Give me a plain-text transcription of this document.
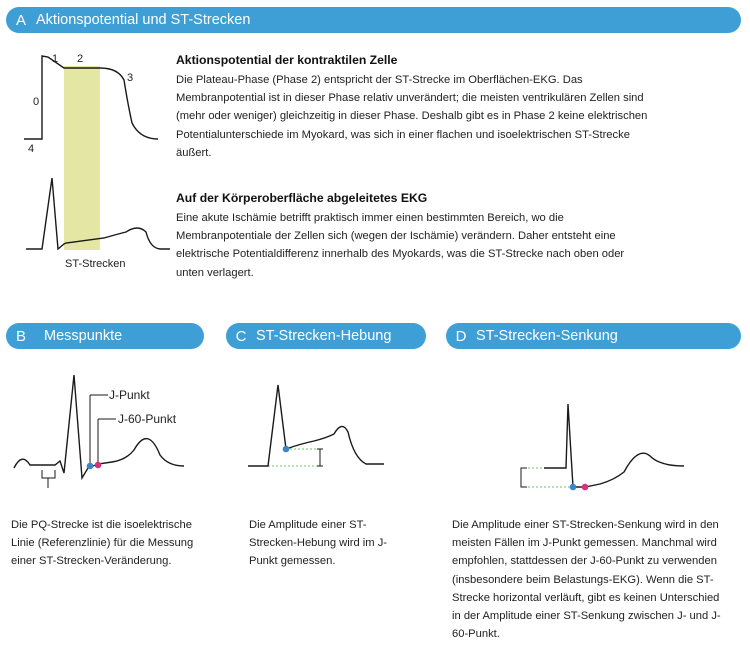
A Aktionspotential und ST-Strecken
0
1 2
3
4
ST-Strecken
Aktionspotential der kontraktilen Zelle
Die Plateau-Phase (Phase 2) entspricht der ST-Strecke im Oberflächen-EKG. Das
Membranpotential ist in dieser Phase relativ unverändert; die meisten ventrikulären Zellen sind
(mehr oder weniger) gleichzeitig in dieser Phase. Deshalb gibt es in Phase 2 keine elektrischen
Potentialunterschiede im Myokard, was sich in einer flachen und isoelektrischen ST-Strecke
äußert.
Auf der Körperoberfläche abgeleitetes EKG
Eine akute Ischämie betrifft praktisch immer einen bestimmten Bereich, wo die
Membranpotentiale der Zellen sich (wegen der Ischämie) verändern. Daher entsteht eine
elektrische Potentialdifferenz innerhalb des Myokards, was die ST-Strecke nach oben oder
unten verlagert.
B	Messpunkte	C ST-Strecken-Hebung	D ST-Strecken-Senkung
J-Punkt
J-60-Punkt
Die PQ-Strecke ist die isoelektrische
Linie (Referenzlinie) für die Messung
einer ST-Strecken-Veränderung.
Die Amplitude einer ST-
Strecken-Hebung wird im J-
Punkt gemessen.
Die Amplitude einer ST-Strecken-Senkung wird in den
meisten Fällen im J-Punkt gemessen. Manchmal wird
empfohlen, stattdessen der J-60-Punkt zu verwenden
(insbesondere beim Belastungs-EKG). Wenn die ST-
Strecke horizontal verläuft, gibt es keinen Unterschied
in der Amplitude einer ST-Senkung zwischen J- und J-
60-Punkt.
